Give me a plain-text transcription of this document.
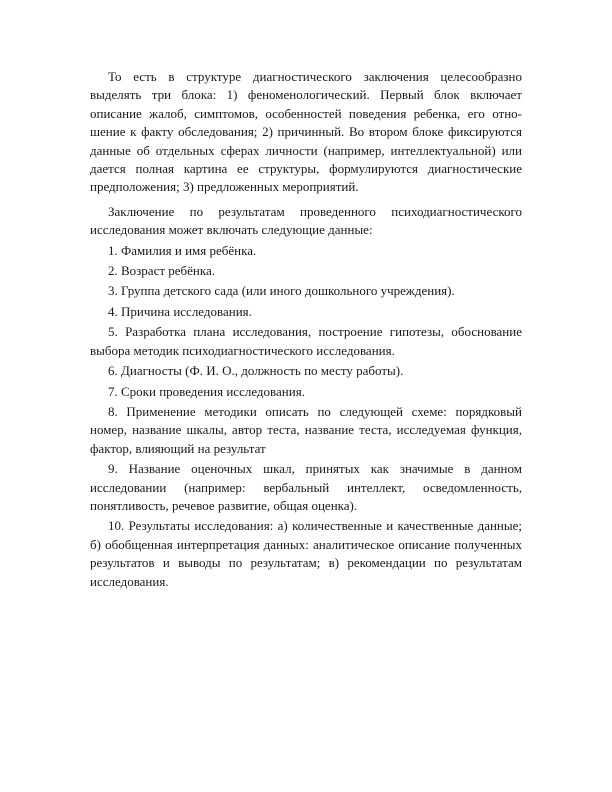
То есть в структуре диагностического заключения целесообразно выделять три блока: 1) феноменологический. Первый блок включает описание жалоб, симптомов, особенностей поведения ребенка, его отно-шение к факту обследования; 2) причинный. Во втором блоке фиксируются данные об отдельных сферах личности (например, интеллектуальной) или дается полная картина ее структуры, формулируются диагностические предположения; 3) предложенных мероприятий.

Заключение по результатам проведенного психодиагностического исследования может включать следующие данные:

1. Фамилия и имя ребёнка.

2. Возраст ребёнка.

3. Группа детского сада (или иного дошкольного учреждения).

4. Причина исследования.

5. Разработка плана исследования, построение гипотезы, обоснование выбора методик психодиагностического исследования.

6. Диагносты (Ф. И. О., должность по месту работы).

7. Сроки проведения исследования.

8. Применение методики описать по следующей схеме: порядковый номер, название шкалы, автор теста, название теста, исследуемая функция, фактор, влияющий на результат

9. Название оценочных шкал, принятых как значимые в данном исследовании (например: вербальный интеллект, осведомленность, понятливость, речевое развитие, общая оценка).

10. Результаты исследования: а) количественные и качественные данные; б) обобщенная интерпретация данных: аналитическое описание полученных результатов и выводы по результатам; в) рекомендации по результатам исследования.
